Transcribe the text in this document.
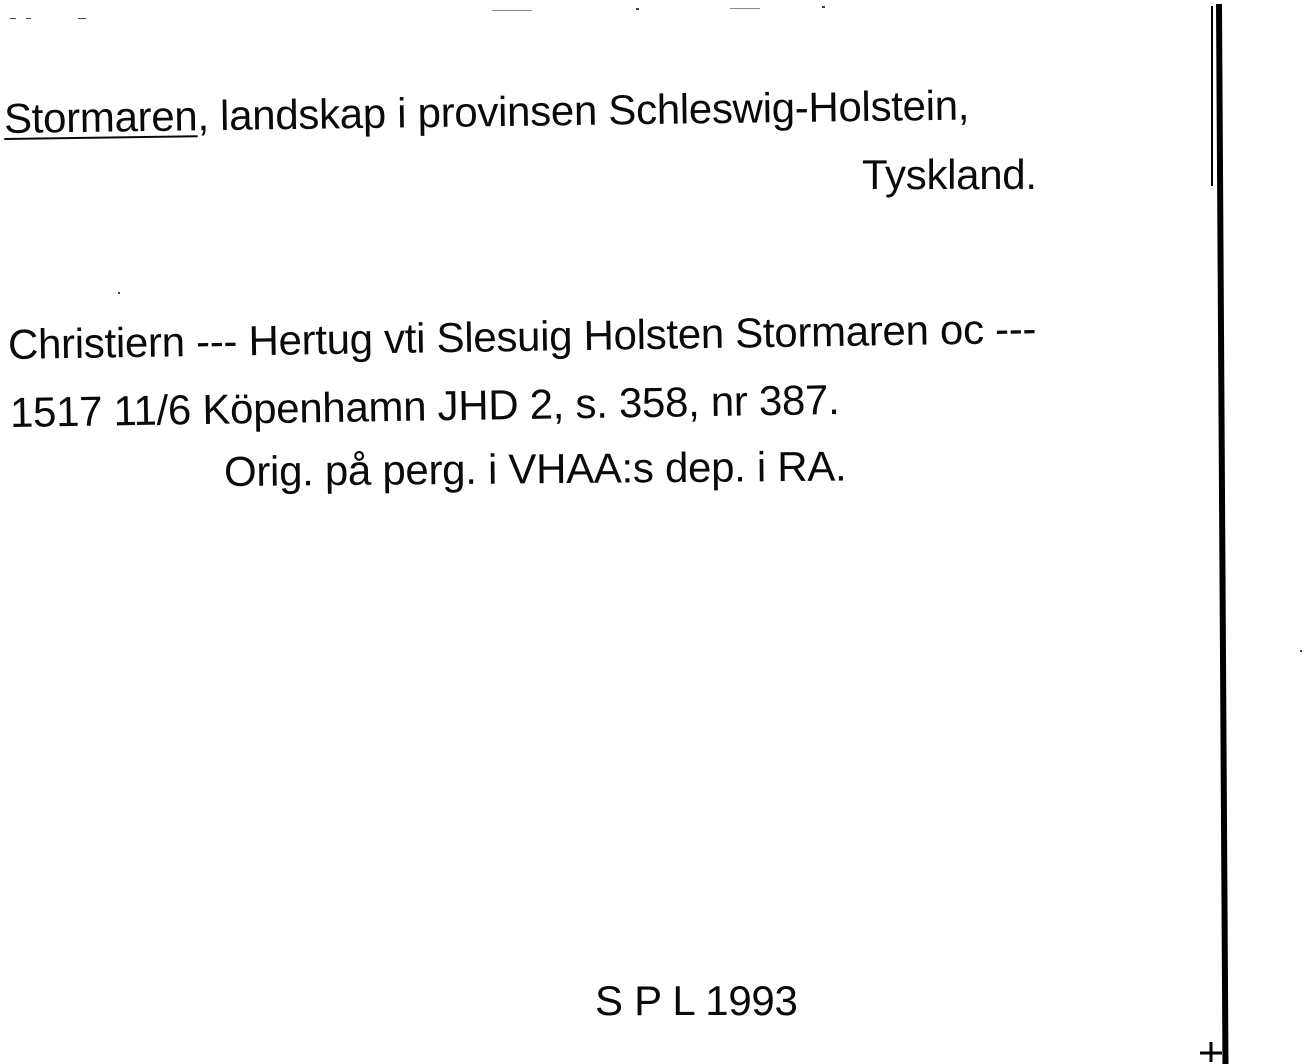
Stormaren, landskap i provinsen Schleswig-Holstein,
Tyskland.
Christiern --- Hertug vti Slesuig Holsten Stormaren oc ---
1517 11/6 Köpenhamn JHD 2, s. 358, nr 387.
Orig. på perg. i VHAA:s dep. i RA.
S P L 1993
